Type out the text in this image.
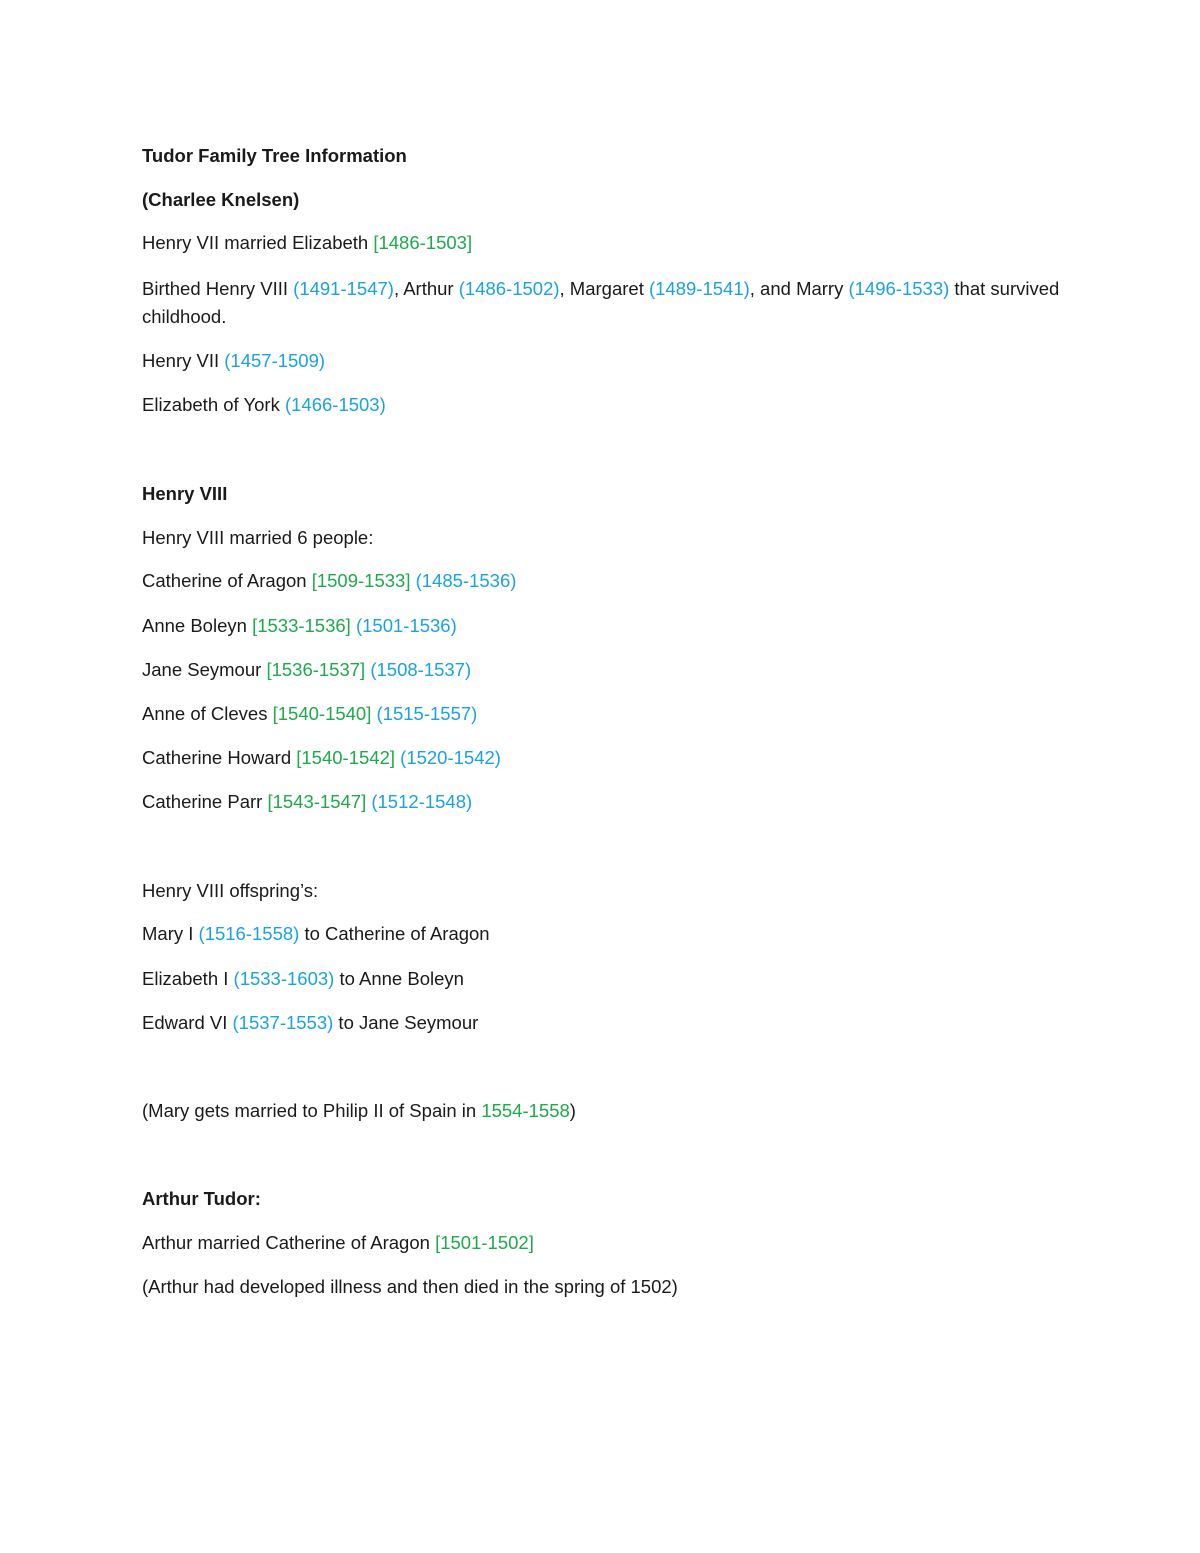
Tudor Family Tree Information
(Charlee Knelsen)
Henry VII married Elizabeth [1486-1503]
Birthed Henry VIII (1491-1547), Arthur (1486-1502), Margaret (1489-1541), and Marry (1496-1533) that survived childhood.
Henry VII (1457-1509)
Elizabeth of York (1466-1503)
Henry VIII
Henry VIII married 6 people:
Catherine of Aragon [1509-1533] (1485-1536)
Anne Boleyn [1533-1536] (1501-1536)
Jane Seymour [1536-1537] (1508-1537)
Anne of Cleves [1540-1540] (1515-1557)
Catherine Howard [1540-1542] (1520-1542)
Catherine Parr [1543-1547] (1512-1548)
Henry VIII offspring’s:
Mary I (1516-1558) to Catherine of Aragon
Elizabeth I (1533-1603) to Anne Boleyn
Edward VI (1537-1553) to Jane Seymour
(Mary gets married to Philip II of Spain in 1554-1558)
Arthur Tudor:
Arthur married Catherine of Aragon [1501-1502]
(Arthur had developed illness and then died in the spring of 1502)
